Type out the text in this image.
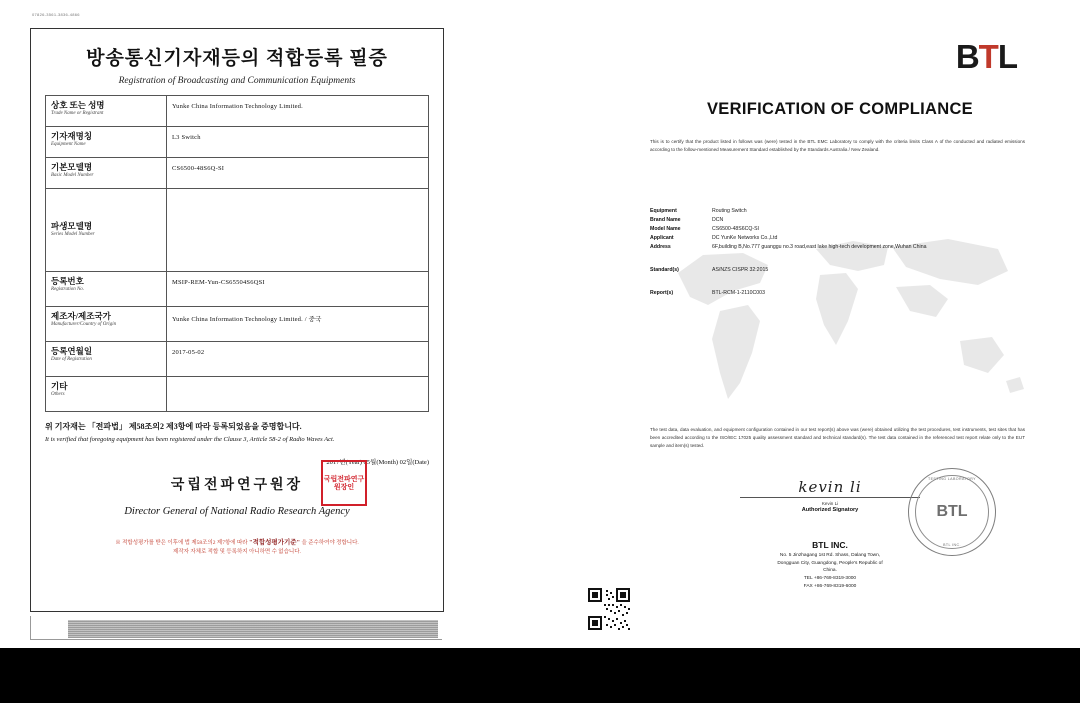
07826-3561-3836-4866
방송통신기자재등의 적합등록 필증
Registration of Broadcasting and Communication Equipments
상호 또는 성명
Trade Name or Registrant	Yunke China Information Technology Limited.

기자재명칭
Equipment Name	L3 Switch

기본모델명
Basic Model Number	CS6500-48S6Q-SI

파생모델명
Series Model Number	

등록번호
Registration No.	MSIP-REM-Yun-CS65504S6QSI

제조자/제조국가
Manufacturer/Country of Origin	Yunke China Information Technology Limited. / 중국

등록연월일
Date of Registration	2017-05-02

기타
Others	

위 기자재는 「전파법」 제58조의2 제3항에 따라 등록되었음을 증명합니다.
It is verified that foregoing equipment has been registered under the Clause 3, Article 58-2 of Radio Waves Act.
2017년(Year) 05월(Month) 02일(Date)
국립전파연구원장	국립전파연구원장인
Director General of National Radio Research Agency
※ 적합성평가를 받은 이후에 법 제58조의2 제7항에 따라 "적합성평가기준" 을 준수하여야 정합니다.
제작자 자체로 적합 및 등록하지 아니하면 수 없습니다.
BTL
VERIFICATION OF COMPLIANCE
This is to certify that the product listed in follows was (were) tested in the BTL EMC Laboratory to comply with the criteria limits Class A of the conducted and radiated emissions according to the follow-mentioned Measurement Standard established by the Standards Australia / New Zealand.
Equipment	Routing Switch
Brand Name	DCN
Model Name	CS6500-48S6CQ-SI
Applicant	DC YunKe Networks Co.,Ltd
Address	6F,building B,No.777 guanggu no.3 road,east lake high-tech development zone,Wuhan China
Standard(s)	AS/NZS CISPR 32:2015
Report(s)	BTL-RCM-1-2110C003
The test data, data evaluation, and equipment configuration contained in our test report(s) above was (were) obtained utilizing the test procedures, test instruments, test sites that has been accredited according to the ISO/IEC 17025 quality assessment standard and technical standard(s). The test data contained in the referenced test report relate only to the EUT sample and item(s) tested.
kevin li
Kevin Li
Authorized Signatory
TESTING LABORATORY
BTL
BTL INC.
BTL INC.
No. 5 Jinzhagang 1st Rd. Shass, Dalang Town,
Dongguan City, Guangdong, People's Republic of
China.
TEL +86-769-8319-3000
FAX +86-769-8319-6000
